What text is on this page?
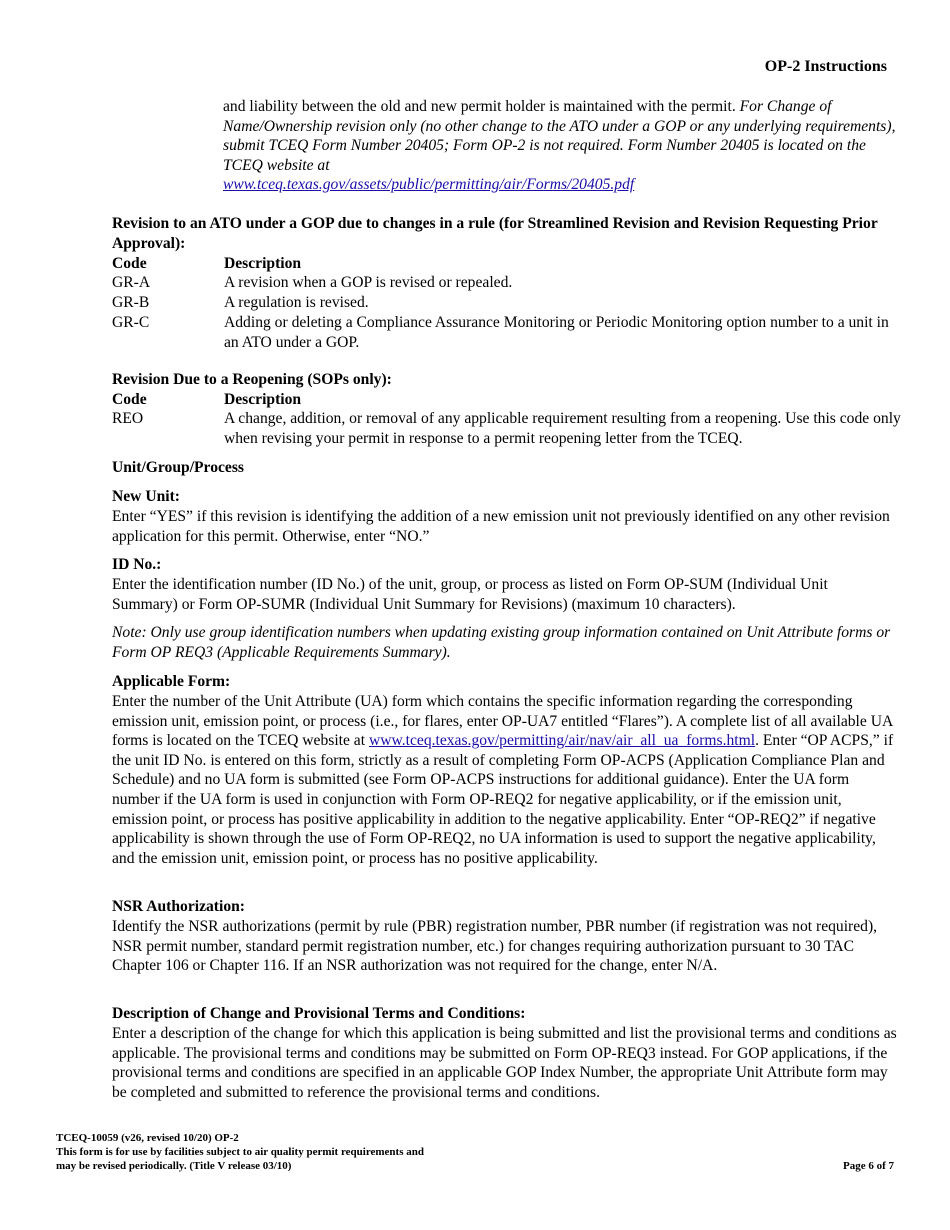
OP-2 Instructions
and liability between the old and new permit holder is maintained with the permit. For Change of Name/Ownership revision only (no other change to the ATO under a GOP or any underlying requirements), submit TCEQ Form Number 20405; Form OP-2 is not required. Form Number 20405 is located on the TCEQ website at
www.tceq.texas.gov/assets/public/permitting/air/Forms/20405.pdf
Revision to an ATO under a GOP due to changes in a rule (for Streamlined Revision and Revision Requesting Prior Approval):
Code	Description
GR-A	A revision when a GOP is revised or repealed.
GR-B	A regulation is revised.
GR-C	Adding or deleting a Compliance Assurance Monitoring or Periodic Monitoring option number to a unit in an ATO under a GOP.
Revision Due to a Reopening (SOPs only):
Code	Description
REO	A change, addition, or removal of any applicable requirement resulting from a reopening. Use this code only when revising your permit in response to a permit reopening letter from the TCEQ.
Unit/Group/Process
New Unit:
Enter “YES” if this revision is identifying the addition of a new emission unit not previously identified on any other revision application for this permit. Otherwise, enter “NO.”
ID No.:
Enter the identification number (ID No.) of the unit, group, or process as listed on Form OP-SUM (Individual Unit Summary) or Form OP-SUMR (Individual Unit Summary for Revisions) (maximum 10 characters).
Note: Only use group identification numbers when updating existing group information contained on Unit Attribute forms or Form OP REQ3 (Applicable Requirements Summary).
Applicable Form:
Enter the number of the Unit Attribute (UA) form which contains the specific information regarding the corresponding emission unit, emission point, or process (i.e., for flares, enter OP-UA7 entitled “Flares”). A complete list of all available UA forms is located on the TCEQ website at www.tceq.texas.gov/permitting/air/nav/air_all_ua_forms.html. Enter “OP ACPS,” if the unit ID No. is entered on this form, strictly as a result of completing Form OP-ACPS (Application Compliance Plan and Schedule) and no UA form is submitted (see Form OP-ACPS instructions for additional guidance). Enter the UA form number if the UA form is used in conjunction with Form OP-REQ2 for negative applicability, or if the emission unit, emission point, or process has positive applicability in addition to the negative applicability. Enter “OP-REQ2” if negative applicability is shown through the use of Form OP-REQ2, no UA information is used to support the negative applicability, and the emission unit, emission point, or process has no positive applicability.
NSR Authorization:
Identify the NSR authorizations (permit by rule (PBR) registration number, PBR number (if registration was not required), NSR permit number, standard permit registration number, etc.) for changes requiring authorization pursuant to 30 TAC Chapter 106 or Chapter 116. If an NSR authorization was not required for the change, enter N/A.
Description of Change and Provisional Terms and Conditions:
Enter a description of the change for which this application is being submitted and list the provisional terms and conditions as applicable. The provisional terms and conditions may be submitted on Form OP-REQ3 instead. For GOP applications, if the provisional terms and conditions are specified in an applicable GOP Index Number, the appropriate Unit Attribute form may be completed and submitted to reference the provisional terms and conditions.
TCEQ-10059 (v26, revised 10/20) OP-2
This form is for use by facilities subject to air quality permit requirements and
may be revised periodically. (Title V release 03/10)	Page 6 of 7
